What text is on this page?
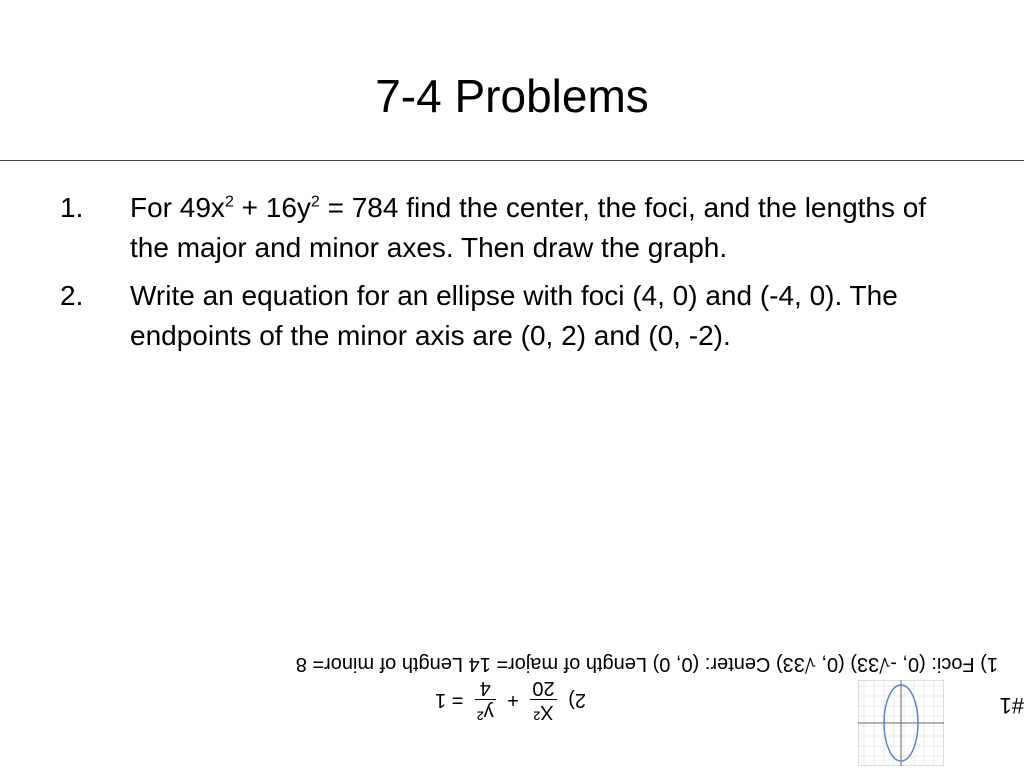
7-4 Problems
1. For $49x^2 + 16y^2 = 784$ find the center, the foci, and the lengths of the major and minor axes. Then draw the graph.
2. Write an equation for an ellipse with foci (4, 0) and (-4, 0). The endpoints of the minor axis are (0, 2) and (0, -2).
1) Foci: (0, -√33) (0, √33) Center: (0, 0) Length of major= 14 Length of minor= 8
2)
X²
20
+
y²
4
= 1	#1
